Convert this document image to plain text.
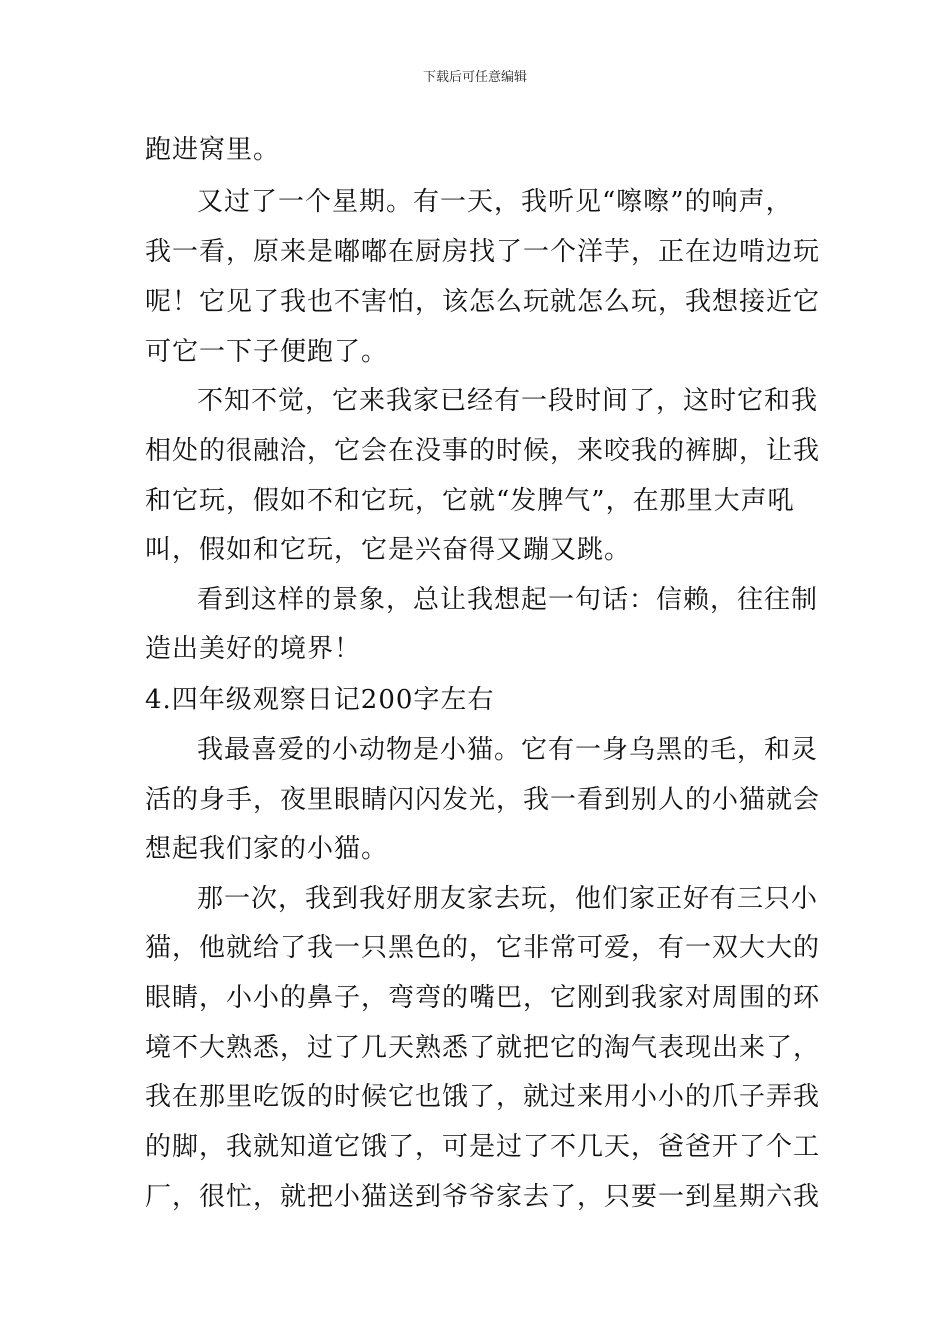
下载后可任意编辑
跑进窝里。
又过了一个星期。有一天，我听见“嚓嚓”的响声，
我一看，原来是嘟嘟在厨房找了一个洋芋，正在边啃边玩
呢！它见了我也不害怕，该怎么玩就怎么玩，我想接近它
可它一下子便跑了。
不知不觉，它来我家已经有一段时间了，这时它和我
相处的很融洽，它会在没事的时候，来咬我的裤脚，让我
和它玩，假如不和它玩，它就“发脾气”，在那里大声吼
叫，假如和它玩，它是兴奋得又蹦又跳。
看到这样的景象，总让我想起一句话：信赖，往往制
造出美好的境界！
4.四年级观察日记200字左右
我最喜爱的小动物是小猫。它有一身乌黑的毛，和灵
活的身手，夜里眼睛闪闪发光，我一看到别人的小猫就会
想起我们家的小猫。
那一次，我到我好朋友家去玩，他们家正好有三只小
猫，他就给了我一只黑色的，它非常可爱，有一双大大的
眼睛，小小的鼻子，弯弯的嘴巴，它刚到我家对周围的环
境不大熟悉，过了几天熟悉了就把它的淘气表现出来了，
我在那里吃饭的时候它也饿了，就过来用小小的爪子弄我
的脚，我就知道它饿了，可是过了不几天，爸爸开了个工
厂，很忙，就把小猫送到爷爷家去了，只要一到星期六我
